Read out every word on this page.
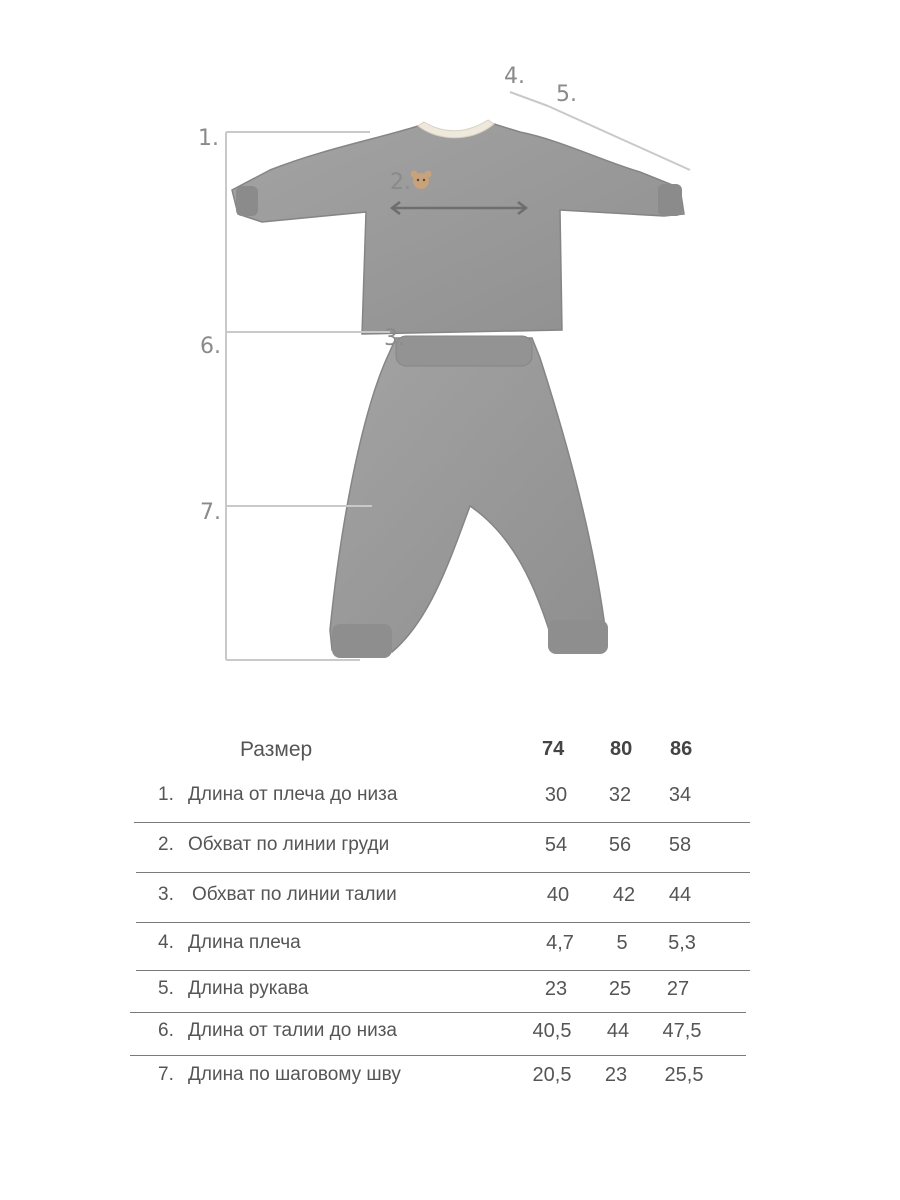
1.
2.
3.
4.
5.
6.
7.
Размер	74 80 86
1. Длина от плеча до низа	30	32	34
2. Обхват по линии груди	54	56	58
3. Обхват по линии талии	40	42	44
4. Длина плеча	4,7	5	5,3
5. Длина рукава	23	25	27
6. Длина от талии до низа	40,5	44	47,5
7. Длина по шаговому шву	20,5	23	25,5
